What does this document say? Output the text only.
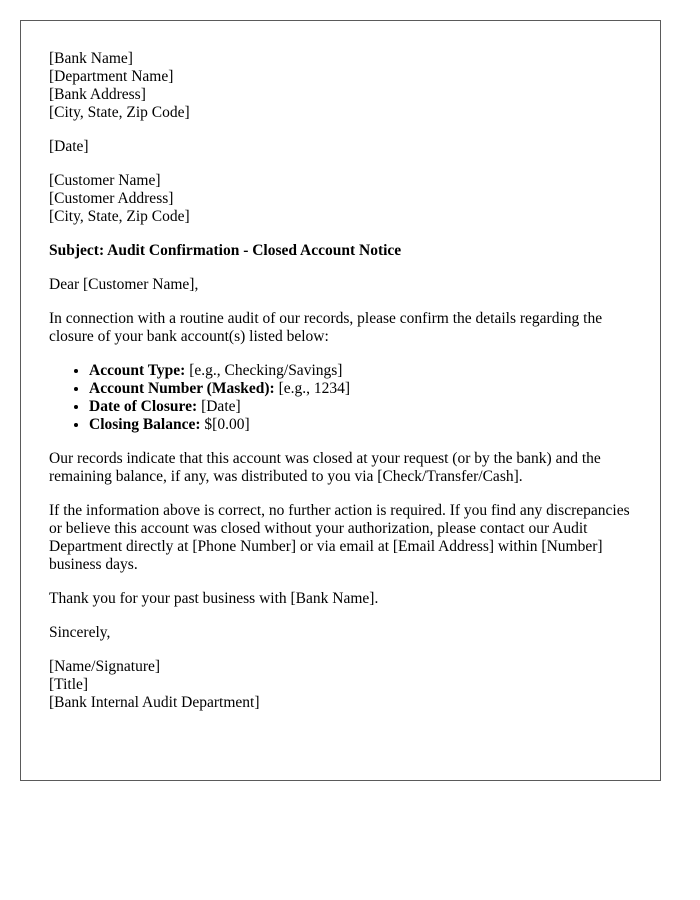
[Bank Name]
[Department Name]
[Bank Address]
[City, State, Zip Code]
[Date]
[Customer Name]
[Customer Address]
[City, State, Zip Code]

Subject: Audit Confirmation - Closed Account Notice

Dear [Customer Name],

In connection with a routine audit of our records, please confirm the details regarding the closure of your bank account(s) listed below:

• Account Type: [e.g., Checking/Savings]
• Account Number (Masked): [e.g., 1234]
• Date of Closure: [Date]
• Closing Balance: $[0.00]

Our records indicate that this account was closed at your request (or by the bank) and the remaining balance, if any, was distributed to you via [Check/Transfer/Cash].

If the information above is correct, no further action is required. If you find any discrepancies or believe this account was closed without your authorization, please contact our Audit Department directly at [Phone Number] or via email at [Email Address] within [Number] business days.

Thank you for your past business with [Bank Name].

Sincerely,

[Name/Signature]
[Title]
[Bank Internal Audit Department]
